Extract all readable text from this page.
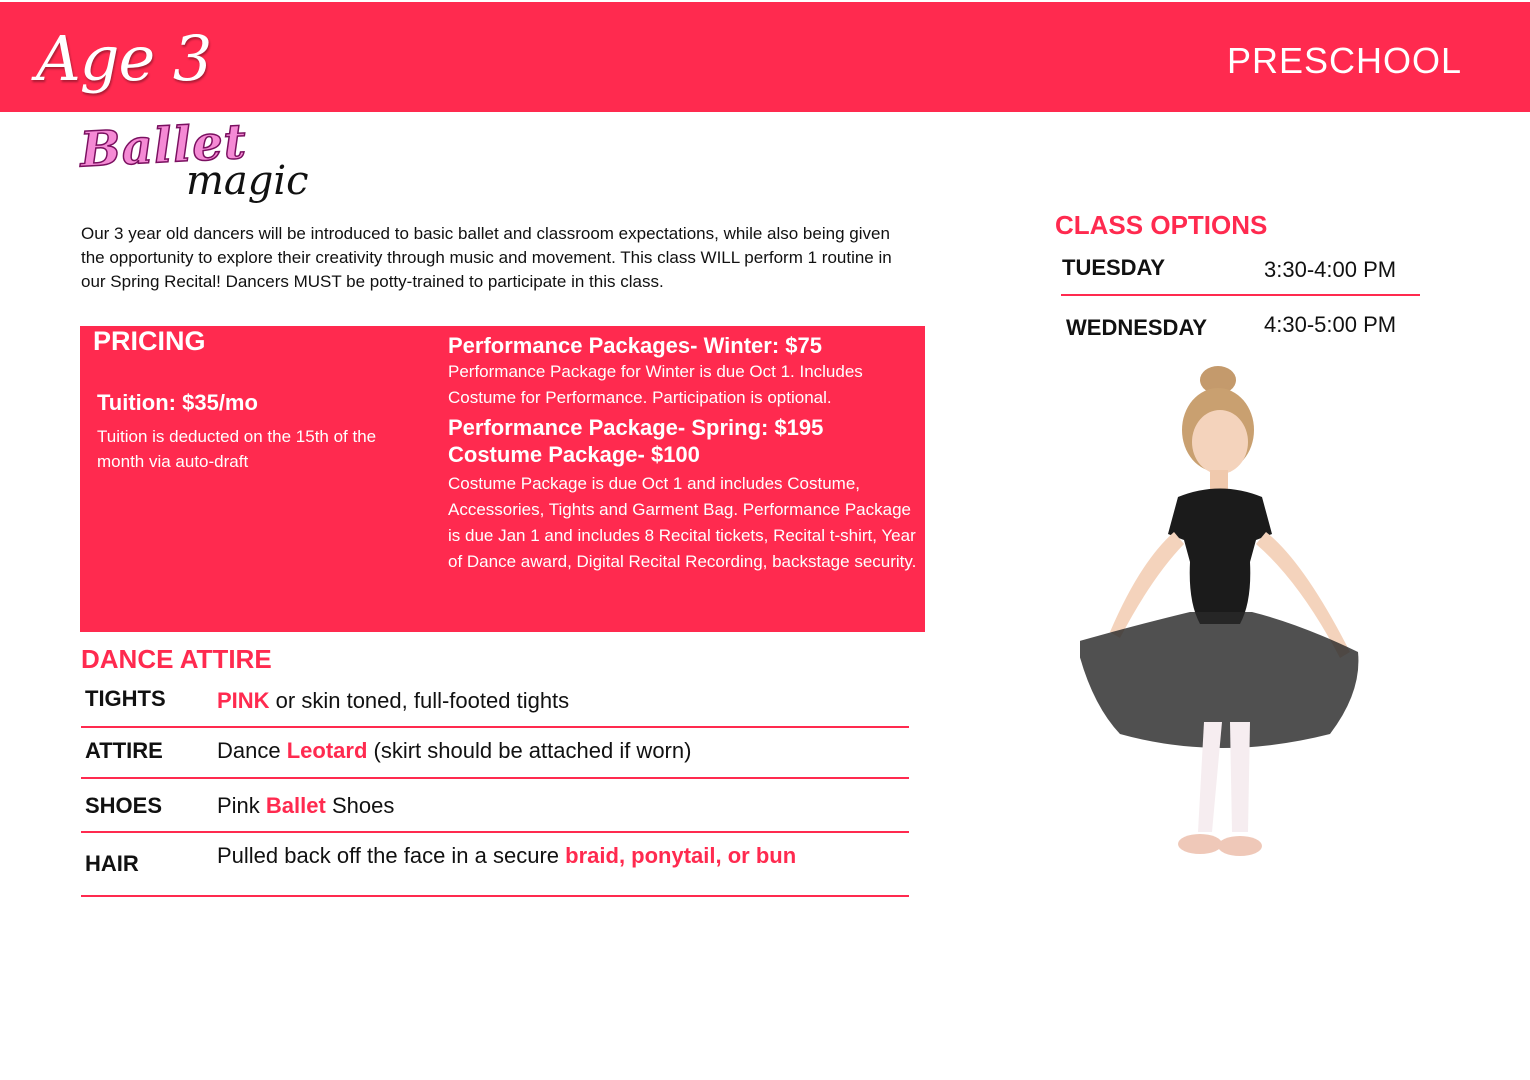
Age 3	PRESCHOOL
Ballet
magic
Our 3 year old dancers will be introduced to basic ballet and classroom expectations, while also being given the opportunity to explore their creativity through music and movement. This class WILL perform 1 routine in our Spring Recital! Dancers MUST be potty-trained to participate in this class.
PRICING
Tuition: $35/mo
Tuition is deducted on the 15th of the month via auto-draft
Performance Packages- Winter: $75
Performance Package for Winter is due Oct 1. Includes Costume for Performance. Participation is optional.
Performance Package- Spring: $195
Costume Package- $100
Costume Package is due Oct 1 and includes Costume, Accessories, Tights and Garment Bag. Performance Package is due Jan 1 and includes 8 Recital tickets, Recital t-shirt, Year of Dance award, Digital Recital Recording, backstage security.
DANCE ATTIRE
TIGHTS PINK or skin toned, full-footed tights
ATTIRE Dance Leotard (skirt should be attached if worn)
SHOES Pink Ballet Shoes
HAIR	Pulled back off the face in a secure braid, ponytail, or bun
CLASS OPTIONS
TUESDAY	3:30-4:00 PM
WEDNESDAY	4:30-5:00 PM
